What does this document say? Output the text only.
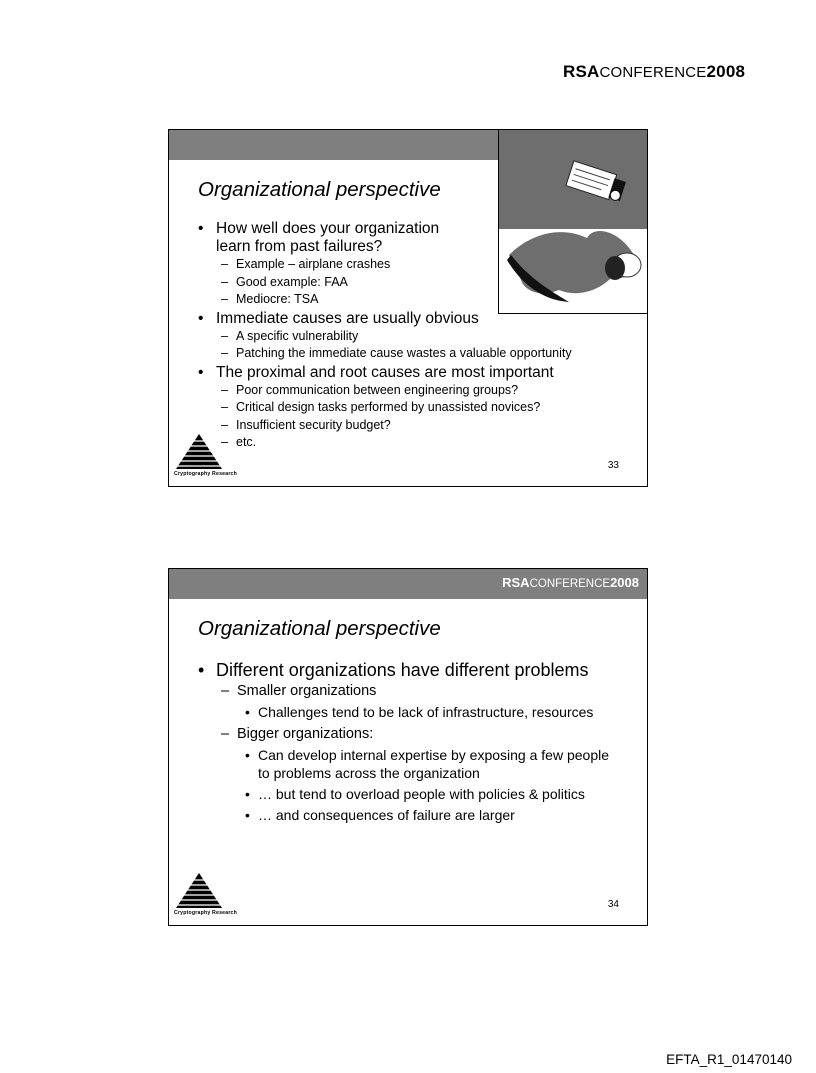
RSACONFERENCE2008
Organizational perspective
• How well does your organization learn from past failures?
– Example – airplane crashes
– Good example: FAA
– Mediocre: TSA
• Immediate causes are usually obvious
– A specific vulnerability
– Patching the immediate cause wastes a valuable opportunity
• The proximal and root causes are most important
– Poor communication between engineering groups?
– Critical design tasks performed by unassisted novices?
– Insufficient security budget?
– etc.
Cryptography Research
33
RSACONFERENCE2008
Organizational perspective
• Different organizations have different problems
– Smaller organizations
• Challenges tend to be lack of infrastructure, resources
– Bigger organizations:
• Can develop internal expertise by exposing a few people to problems across the organization
• … but tend to overload people with policies & politics
• … and consequences of failure are larger
Cryptography Research
34
EFTA_R1_01470140
